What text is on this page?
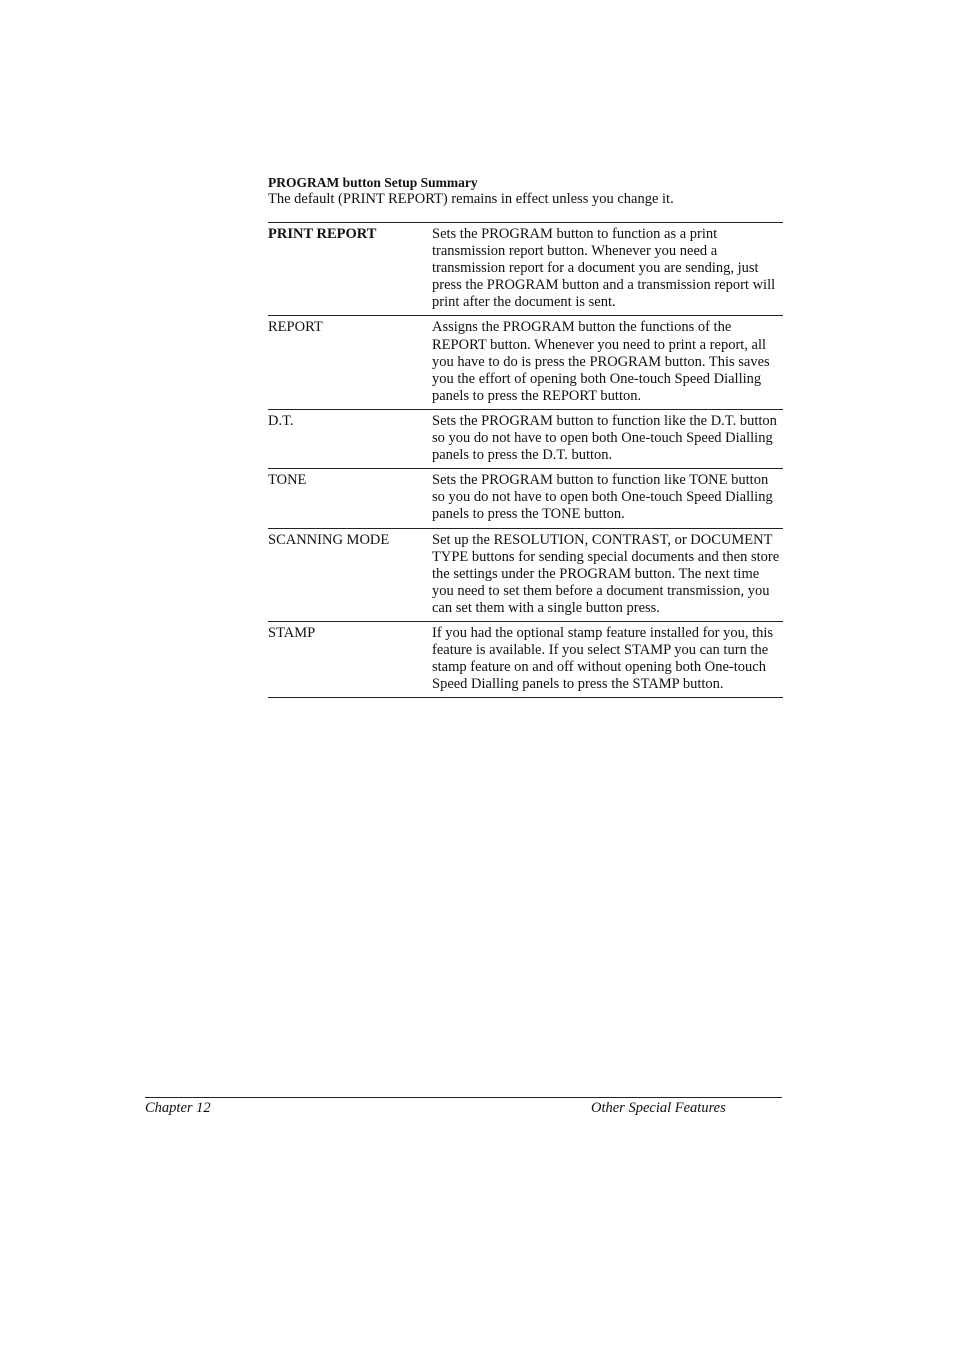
PROGRAM button Setup Summary

The default (PRINT REPORT) remains in effect unless you change it.

PRINT REPORT	Sets the PROGRAM button to function as a print transmission report button. Whenever you need a transmission report for a document you are sending, just press the PROGRAM button and a transmission report will print after the document is sent.
REPORT	Assigns the PROGRAM button the functions of the REPORT button. Whenever you need to print a report, all you have to do is press the PROGRAM button. This saves you the effort of opening both One-touch Speed Dialling panels to press the REPORT button.
D.T.	Sets the PROGRAM button to function like the D.T. button so you do not have to open both One-touch Speed Dialling panels to press the D.T. button.
TONE	Sets the PROGRAM button to function like TONE button so you do not have to open both One-touch Speed Dialling panels to press the TONE button.
SCANNING MODE	Set up the RESOLUTION, CONTRAST, or DOCUMENT TYPE buttons for sending special documents and then store the settings under the PROGRAM button. The next time you need to set them before a document transmission, you can set them with a single button press.
STAMP	If you had the optional stamp feature installed for you, this feature is available. If you select STAMP you can turn the stamp feature on and off without opening both One-touch Speed Dialling panels to press the STAMP button.
Chapter 12	Other Special Features
